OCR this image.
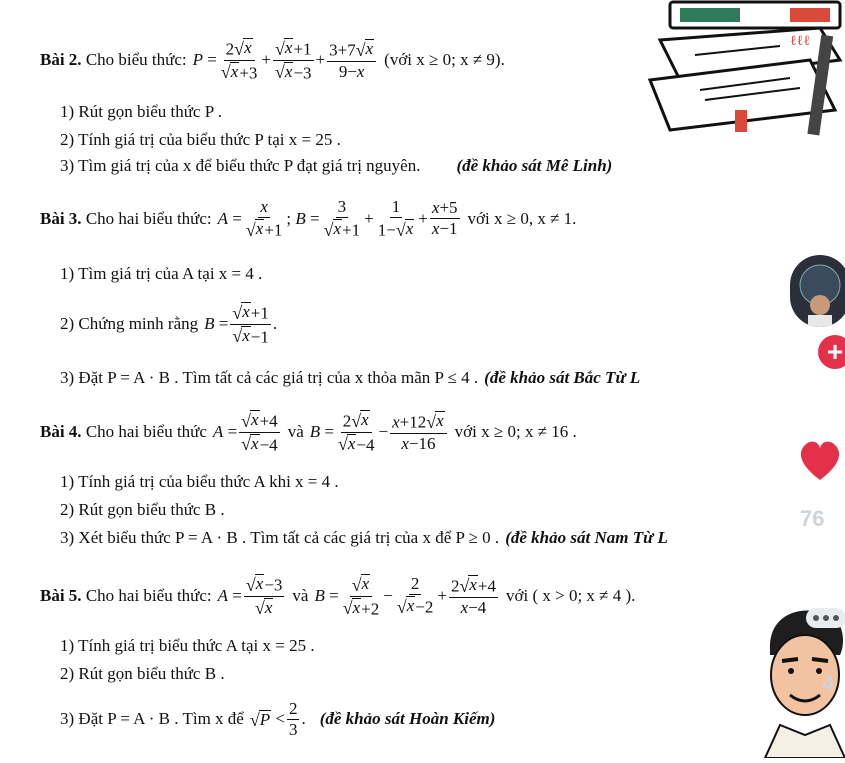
Bài 2.
Cho biểu thức: $P = \frac{2 √ x}{√ x +3} + \frac{√ x +1}{√ x -3} + \frac{3+7 √ x}{9-x}$ (với x ≥ 0; x ≠ 9).
1) Rút gọn biểu thức P .
2) Tính giá trị của biểu thức P tại x = 25 .
3) Tìm giá trị của x để biểu thức P đạt giá trị nguyên. (đề khảo sát Mê Linh)
Bài 3.
Cho hai biểu thức: $A = \frac{x}{√ x +1}$ ; $B = \frac{3}{√ x +1} + \frac{1}{1- √ x} + \frac{x+5}{x-1}$ với x ≥ 0, x ≠ 1.
1) Tìm giá trị của A tại x = 4 .
2) Chứng minh rằng $B = \frac{√ x +1}{√ x -1}$ .
3) Đặt P = A · B . Tìm tất cả các giá trị của x thỏa mãn P ≤ 4 . (đề khảo sát Bắc Từ L
Bài 4.
Cho hai biểu thức $A = \frac{√ x +4}{√ x -4}$ và $B = \frac{2 √ x}{√ x -4} - \frac{x+12 √ x}{x-16}$ với x ≥ 0; x ≠ 16 .
1) Tính giá trị của biểu thức A khi x = 4 .
2) Rút gọn biểu thức B .
3) Xét biểu thức P = A · B . Tìm tất cả các giá trị của x để P ≥ 0 . (đề khảo sát Nam Từ L
Bài 5.
Cho hai biểu thức: $A = \frac{√ x -3}{√ x}$ và $B = \frac{√ x}{√ x +2} - \frac{2}{√ x -2} + \frac{2 √ x +4}{x-4}$ với ( x > 0; x ≠ 4 ).
1) Tính giá trị biểu thức A tại x = 25 .
2) Rút gọn biểu thức B .
3) Đặt P = A · B . Tìm x để √ $P < \frac{2}{3}$ . (đề khảo sát Hoàn Kiếm)
ℓℓℓ
+
76
4
